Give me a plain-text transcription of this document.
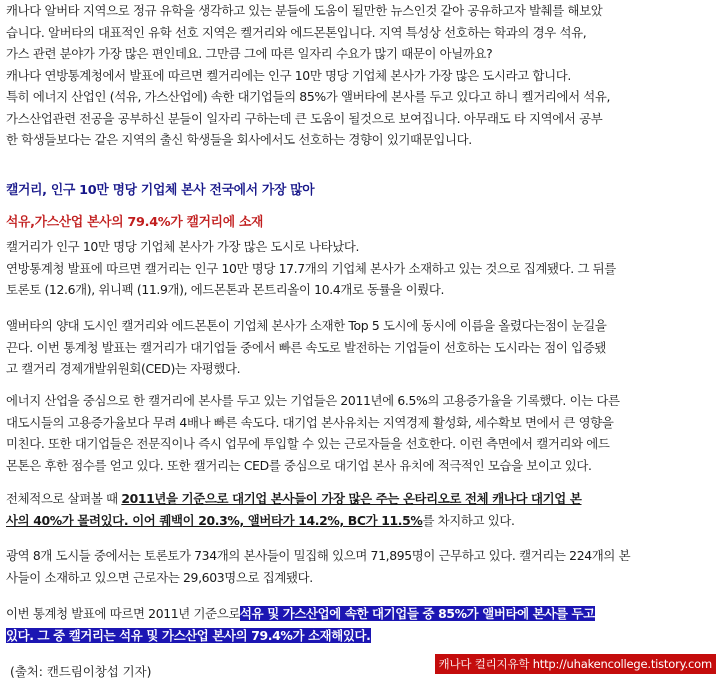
캐나다 알버타 지역으로 정규 유학을 생각하고 있는 분들에 도움이 될만한 뉴스인것 같아 공유하고자 발췌를 해보았

습니다. 알버타의 대표적인 유학 선호 지역은 켈거리와 에드몬톤입니다. 지역 특성상 선호하는 학과의 경우 석유,

가스 관련 분야가 가장 많은 편인데요. 그만큼 그에 따른 일자리 수요가 많기 때문이 아닐까요?

캐나다 연방통계청에서 발표에 따르면 켈거리에는 인구 10만 명당 기업체 본사가 가장 많은 도시라고 합니다.

특히 에너지 산업인 (석유, 가스산업에) 속한 대기업들의 85%가 앨버타에 본사를 두고 있다고 하니 켈거리에서 석유,

가스산업관련 전공을 공부하신 분들이 일자리 구하는데 큰 도움이 될것으로 보여집니다. 아무래도 타 지역에서 공부

한 학생들보다는 같은 지역의 출신 학생들을 회사에서도 선호하는 경향이 있기때문입니다.

캘거리, 인구 10만 명당 기업체 본사 전국에서 가장 많아
석유,가스산업 본사의 79.4%가 캘거리에 소재

캘거리가 인구 10만 명당 기업체 본사가 가장 많은 도시로 나타났다.

연방통계청 발표에 따르면 캘거리는 인구 10만 명당 17.7개의 기업체 본사가 소재하고 있는 것으로 집계됐다. 그 뒤를

토론토 (12.6개), 위니펙 (11.9개), 에드몬톤과 몬트리올이 10.4개로 동률을 이뤘다.

앨버타의 양대 도시인 캘거리와 에드몬톤이 기업체 본사가 소재한 Top 5 도시에 동시에 이름을 올렸다는점이 눈길을

끈다. 이번 통계청 발표는 캘거리가 대기업들 중에서 빠른 속도로 발전하는 기업들이 선호하는 도시라는 점이 입증됐

고 캘거리 경제개발위원회(CED)는 자평했다.

에너지 산업을 중심으로 한 캘거리에 본사를 두고 있는 기업들은 2011년에 6.5%의 고용증가율을 기록했다. 이는 다른

대도시들의 고용증가율보다 무려 4배나 빠른 속도다. 대기업 본사유치는 지역경제 활성화, 세수확보 면에서 큰 영향을

미친다. 또한 대기업들은 전문직이나 즉시 업무에 투입할 수 있는 근로자들을 선호한다. 이런 측면에서 캘거리와 에드

몬톤은 후한 점수를 얻고 있다. 또한 캘거리는 CED를 중심으로 대기업 본사 유치에 적극적인 모습을 보이고 있다.

전체적으로 살펴볼 때 2011년을 기준으로 대기업 본사들이 가장 많은 주는 온타리오로 전체 캐나다 대기업 본

사의 40%가 몰려있다. 이어 퀘백이 20.3%, 앨버타가 14.2%, BC가 11.5%를 차지하고 있다.

광역 8개 도시들 중에서는 토론토가 734개의 본사들이 밀집해 있으며 71,895명이 근무하고 있다. 캘거리는 224개의 본

사들이 소재하고 있으면 근로자는 29,603명으로 집계됐다.

이번 통계청 발표에 따르면 2011년 기준으로석유 및 가스산업에 속한 대기업들 중 85%가 앨버타에 본사를 두고

있다. 그 중 캘거리는 석유 및 가스산업 본사의 79.4%가 소재해있다.

(출처: 캔드림이창섭 기자)	캐나다 컬리지유학 http://uhakencollege.tistory.com
